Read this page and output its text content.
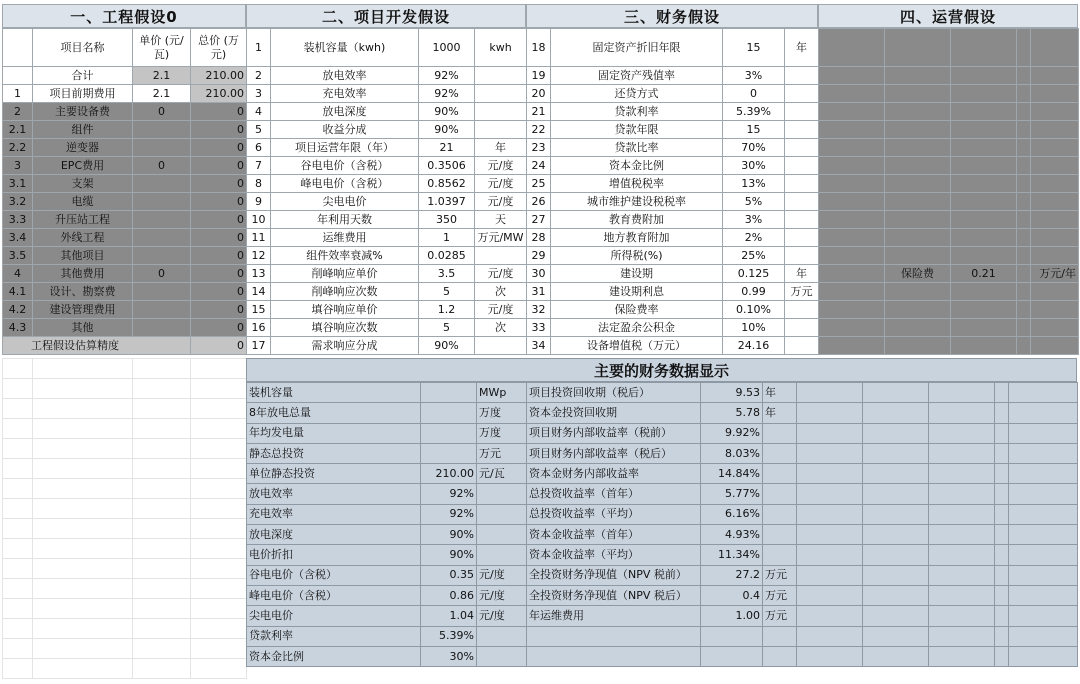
一、工程假设0	二、项目开发假设	三、财务假设	四、运营假设
	项目名称	单价 (元/瓦)	总价 (万元)
	合计	2.1	210.00
1	项目前期费用	2.1	210.00
2	主要设备费	0	0
2.1	组件		0
2.2	逆变器		0
3	EPC费用	0	0
3.1	支架		0
3.2	电缆		0
3.3	升压站工程		0
3.4	外线工程		0
3.5	其他项目		0
4	其他费用	0	0
4.1	设计、勘察费		0
4.2	建设管理费用		0
4.3	其他		0
工程假设估算精度			0
1	装机容量（kwh)	1000	kwh
2	放电效率	92%	
3	充电效率	92%	
4	放电深度	90%	
5	收益分成	90%	
6	项目运营年限（年）	21	年
7	谷电电价（含税）	0.3506	元/度
8	峰电电价（含税）	0.8562	元/度
9	尖电电价	1.0397	元/度
10	年利用天数	350	天
11	运维费用	1	万元/MW
12	组件效率衰减%	0.0285	
13	削峰响应单价	3.5	元/度
14	削峰响应次数	5	次
15	填谷响应单价	1.2	元/度
16	填谷响应次数	5	次
17	需求响应分成	90%	
18	固定资产折旧年限	15	年
19	固定资产残值率	3%	
20	还贷方式	0	
21	贷款利率	5.39%	
22	贷款年限	15	
23	贷款比率	70%	
24	资本金比例	30%	
25	增值税税率	13%	
26	城市维护建设税税率	5%	
27	教育费附加	3%	
28	地方教育附加	2%	
29	所得税(%)	25%	
30	建设期	0.125	年
31	建设期利息	0.99	万元
32	保险费率	0.10%	
33	法定盈余公积金	10%	
34	设备增值税（万元）	24.16	

	保险费	0.21		万元/年

主要的财务数据显示
装机容量		MWp	项目投资回收期（税后）	9.53	年					
8年放电总量		万度	资本金投资回收期	5.78	年					
年均发电量		万度	项目财务内部收益率（税前）	9.92%						
静态总投资		万元	项目财务内部收益率（税后）	8.03%						
单位静态投资	210.00	元/瓦	资本金财务内部收益率	14.84%						
放电效率	92%		总投资收益率（首年）	5.77%						
充电效率	92%		总投资收益率（平均）	6.16%						
放电深度	90%		资本金收益率（首年）	4.93%						
电价折扣	90%		资本金收益率（平均）	11.34%						
谷电电价（含税）	0.35	元/度	全投资财务净现值（NPV 税前）	27.2	万元					
峰电电价（含税）	0.86	元/度	全投资财务净现值（NPV 税后）	0.4	万元					
尖电电价	1.04	元/度	年运维费用	1.00	万元					
贷款利率	5.39%									
资本金比例	30%									
